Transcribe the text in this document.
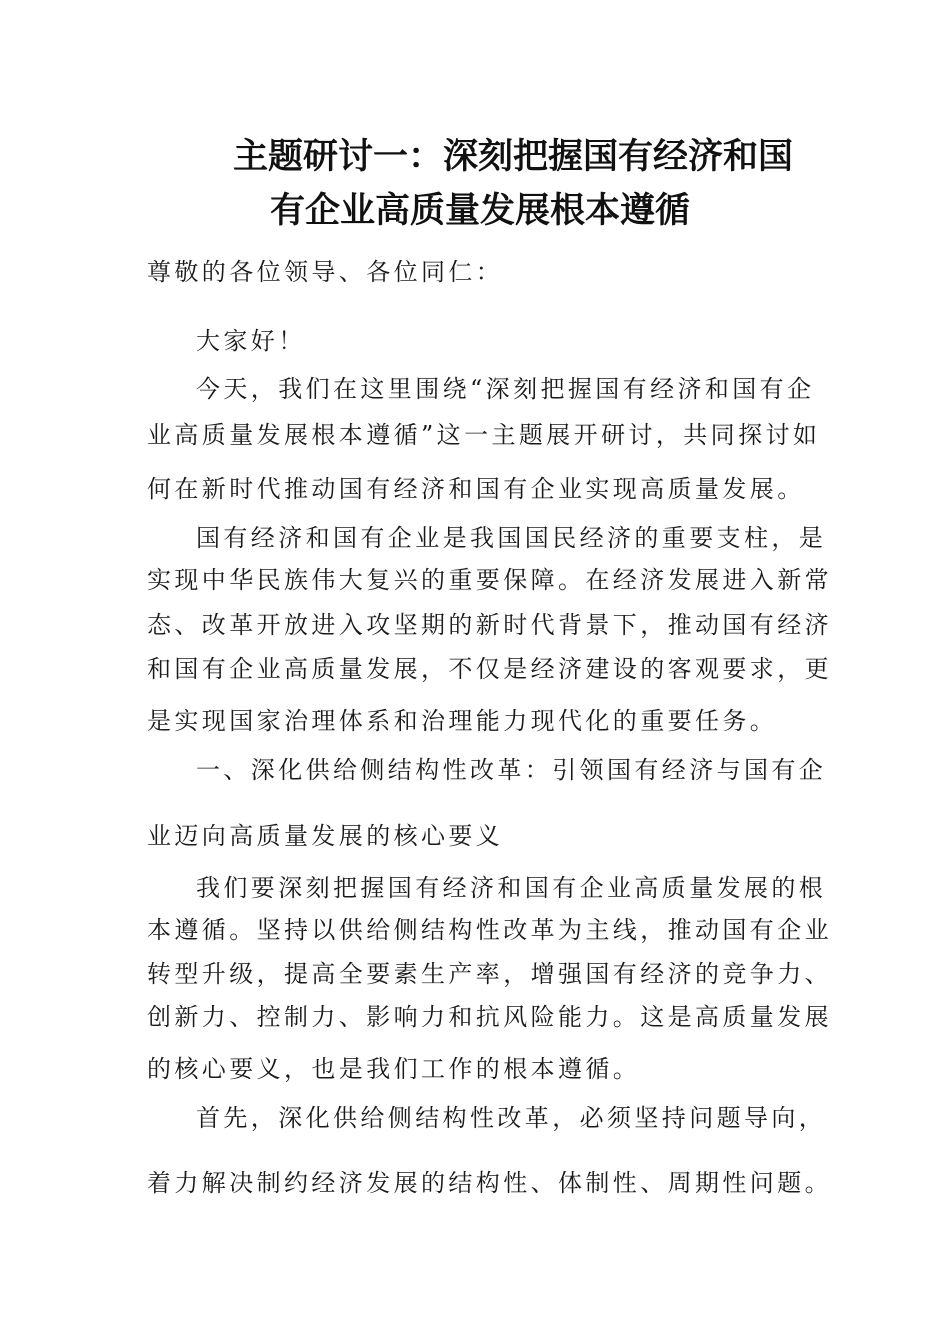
主题研讨一：深刻把握国有经济和国
有企业高质量发展根本遵循
尊敬的各位领导、各位同仁：
大家好！
今天，我们在这里围绕“深刻把握国有经济和国有企
业高质量发展根本遵循”这一主题展开研讨，共同探讨如
何在新时代推动国有经济和国有企业实现高质量发展。
国有经济和国有企业是我国国民经济的重要支柱，是
实现中华民族伟大复兴的重要保障。在经济发展进入新常
态、改革开放进入攻坚期的新时代背景下，推动国有经济
和国有企业高质量发展，不仅是经济建设的客观要求，更
是实现国家治理体系和治理能力现代化的重要任务。
一、深化供给侧结构性改革：引领国有经济与国有企
业迈向高质量发展的核心要义
我们要深刻把握国有经济和国有企业高质量发展的根
本遵循。坚持以供给侧结构性改革为主线，推动国有企业
转型升级，提高全要素生产率，增强国有经济的竞争力、
创新力、控制力、影响力和抗风险能力。这是高质量发展
的核心要义，也是我们工作的根本遵循。
首先，深化供给侧结构性改革，必须坚持问题导向，
着力解决制约经济发展的结构性、体制性、周期性问题。
